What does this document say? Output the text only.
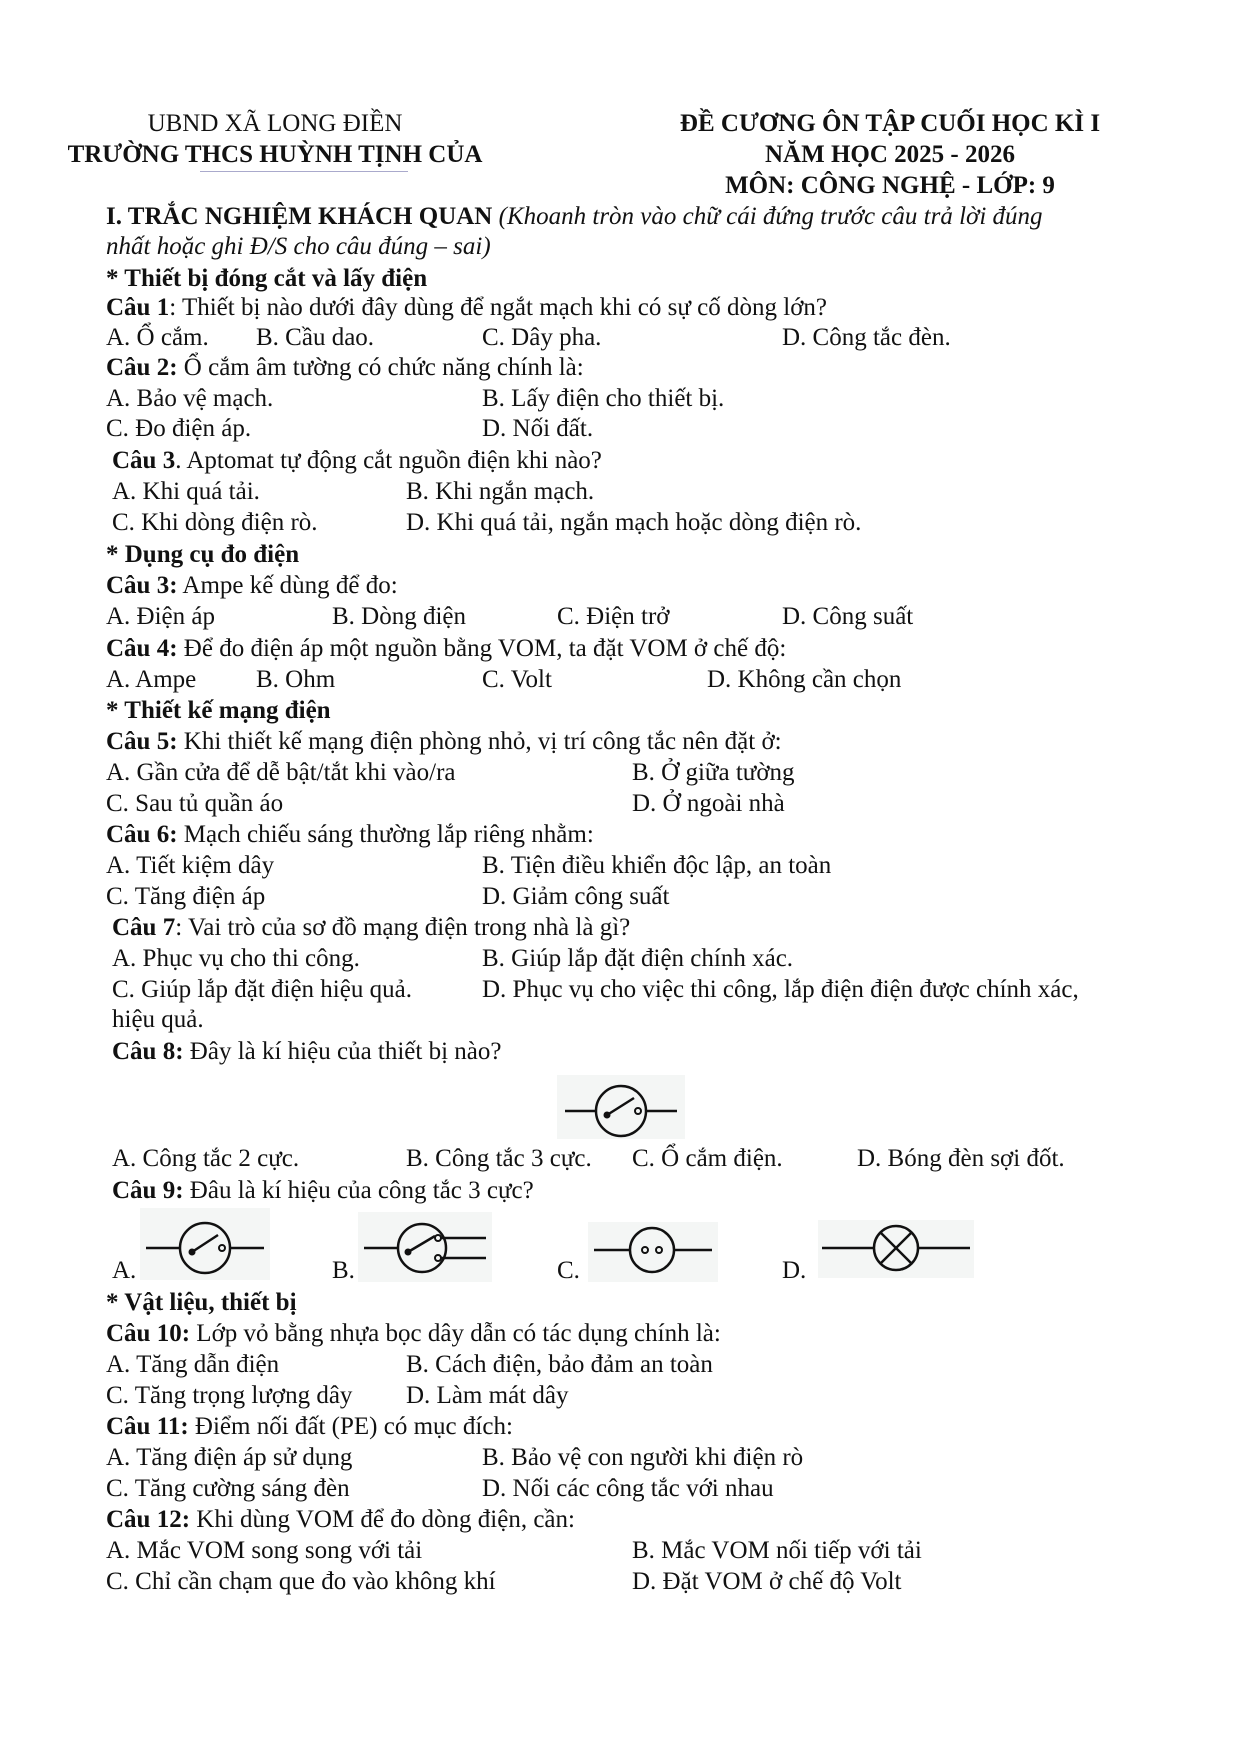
UBND XÃ LONG ĐIỀN
TRƯỜNG THCS HUỲNH TỊNH CỦA
ĐỀ CƯƠNG ÔN TẬP CUỐI HỌC KÌ I
NĂM HỌC 2025 - 2026
MÔN: CÔNG NGHỆ - LỚP: 9
I. TRẮC NGHIỆM KHÁCH QUAN (Khoanh tròn vào chữ cái đứng trước câu trả lời đúng
nhất hoặc ghi Đ/S cho câu đúng – sai)
* Thiết bị đóng cắt và lấy điện
Câu 1: Thiết bị nào dưới đây dùng để ngắt mạch khi có sự cố dòng lớn?
A. Ổ cắm. B. Cầu dao.	C. Dây pha.	D. Công tắc đèn.
Câu 2: Ổ cắm âm tường có chức năng chính là:
A. Bảo vệ mạch.	B. Lấy điện cho thiết bị.
C. Đo điện áp.	D. Nối đất.
Câu 3. Aptomat tự động cắt nguồn điện khi nào?
A. Khi quá tải.	B. Khi ngắn mạch.
C. Khi dòng điện rò.	D. Khi quá tải, ngắn mạch hoặc dòng điện rò.
* Dụng cụ đo điện
Câu 3: Ampe kế dùng để đo:
A. Điện áp	B. Dòng điện	C. Điện trở	D. Công suất
Câu 4: Để đo điện áp một nguồn bằng VOM, ta đặt VOM ở chế độ:
A. Ampe B. Ohm	C. Volt	D. Không cần chọn
* Thiết kế mạng điện
Câu 5: Khi thiết kế mạng điện phòng nhỏ, vị trí công tắc nên đặt ở:
A. Gần cửa để dễ bật/tắt khi vào/ra	B. Ở giữa tường
C. Sau tủ quần áo	D. Ở ngoài nhà
Câu 6: Mạch chiếu sáng thường lắp riêng nhằm:
A. Tiết kiệm dây	B. Tiện điều khiển độc lập, an toàn
C. Tăng điện áp	D. Giảm công suất
Câu 7: Vai trò của sơ đồ mạng điện trong nhà là gì?
A. Phục vụ cho thi công.	B. Giúp lắp đặt điện chính xác.
C. Giúp lắp đặt điện hiệu quả.	D. Phục vụ cho việc thi công, lắp điện điện được chính xác,
hiệu quả.
Câu 8: Đây là kí hiệu của thiết bị nào?
A. Công tắc 2 cực.	B. Công tắc 3 cực. C. Ổ cắm điện.	D. Bóng đèn sợi đốt.
Câu 9: Đâu là kí hiệu của công tắc 3 cực?
A.	B.	C.	D.
* Vật liệu, thiết bị
Câu 10: Lớp vỏ bằng nhựa bọc dây dẫn có tác dụng chính là:
A. Tăng dẫn điện	B. Cách điện, bảo đảm an toàn
C. Tăng trọng lượng dây D. Làm mát dây
Câu 11: Điểm nối đất (PE) có mục đích:
A. Tăng điện áp sử dụng	B. Bảo vệ con người khi điện rò
C. Tăng cường sáng đèn	D. Nối các công tắc với nhau
Câu 12: Khi dùng VOM để đo dòng điện, cần:
A. Mắc VOM song song với tải	B. Mắc VOM nối tiếp với tải
C. Chỉ cần chạm que đo vào không khí	D. Đặt VOM ở chế độ Volt
